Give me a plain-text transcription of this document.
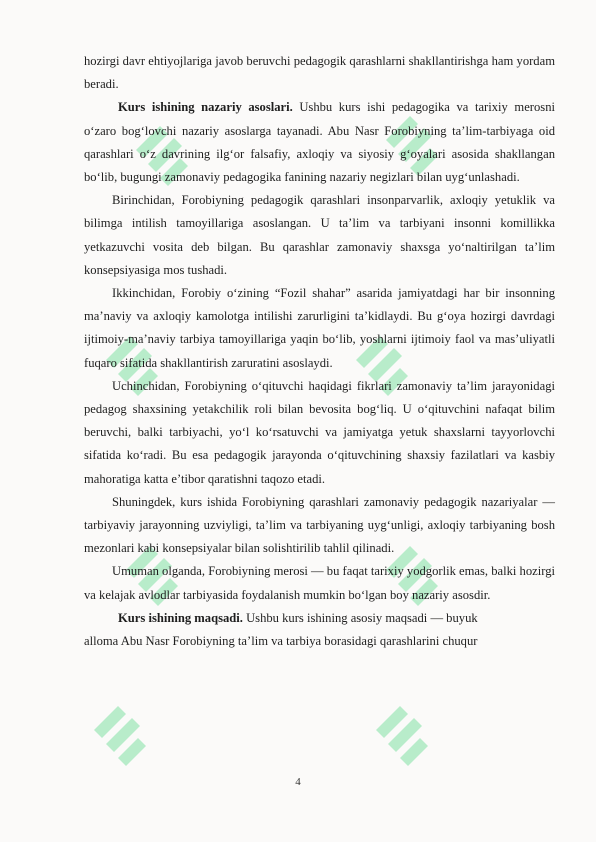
hozirgi davr ehtiyojlariga javob beruvchi pedagogik qarashlarni shakllantirishga ham yordam beradi.

Kurs ishining nazariy asoslari. Ushbu kurs ishi pedagogika va tarixiy merosni o‘zaro bog‘lovchi nazariy asoslarga tayanadi. Abu Nasr Forobiyning ta’lim-tarbiyaga oid qarashlari o‘z davrining ilg‘or falsafiy, axloqiy va siyosiy g‘oyalari asosida shakllangan bo‘lib, bugungi zamonaviy pedagogika fanining nazariy negizlari bilan uyg‘unlashadi.

Birinchidan, Forobiyning pedagogik qarashlari insonparvarlik, axloqiy yetuklik va bilimga intilish tamoyillariga asoslangan. U ta’lim va tarbiyani insonni komillikka yetkazuvchi vosita deb bilgan. Bu qarashlar zamonaviy shaxsga yo‘naltirilgan ta’lim konsepsiyasiga mos tushadi.

Ikkinchidan, Forobiy o‘zining “Fozil shahar” asarida jamiyatdagi har bir insonning ma’naviy va axloqiy kamolotga intilishi zarurligini ta’kidlaydi. Bu g‘oya hozirgi davrdagi ijtimoiy-ma’naviy tarbiya tamoyillariga yaqin bo‘lib, yoshlarni ijtimoiy faol va mas’uliyatli fuqaro sifatida shakllantirish zaruratini asoslaydi.

Uchinchidan, Forobiyning o‘qituvchi haqidagi fikrlari zamonaviy ta’lim jarayonidagi pedagog shaxsining yetakchilik roli bilan bevosita bog‘liq. U o‘qituvchini nafaqat bilim beruvchi, balki tarbiyachi, yo‘l ko‘rsatuvchi va jamiyatga yetuk shaxslarni tayyorlovchi sifatida ko‘radi. Bu esa pedagogik jarayonda o‘qituvchining shaxsiy fazilatlari va kasbiy mahoratiga katta e’tibor qaratishni taqozo etadi.

Shuningdek, kurs ishida Forobiyning qarashlari zamonaviy pedagogik nazariyalar — tarbiyaviy jarayonning uzviyligi, ta’lim va tarbiyaning uyg‘unligi, axloqiy tarbiyaning bosh mezonlari kabi konsepsiyalar bilan solishtirilib tahlil qilinadi.

Umuman olganda, Forobiyning merosi — bu faqat tarixiy yodgorlik emas, balki hozirgi va kelajak avlodlar tarbiyasida foydalanish mumkin bo‘lgan boy nazariy asosdir.

Kurs ishining maqsadi. Ushbu kurs ishining asosiy maqsadi — buyuk

alloma Abu Nasr Forobiyning ta’lim va tarbiya borasidagi qarashlarini chuqur

4
